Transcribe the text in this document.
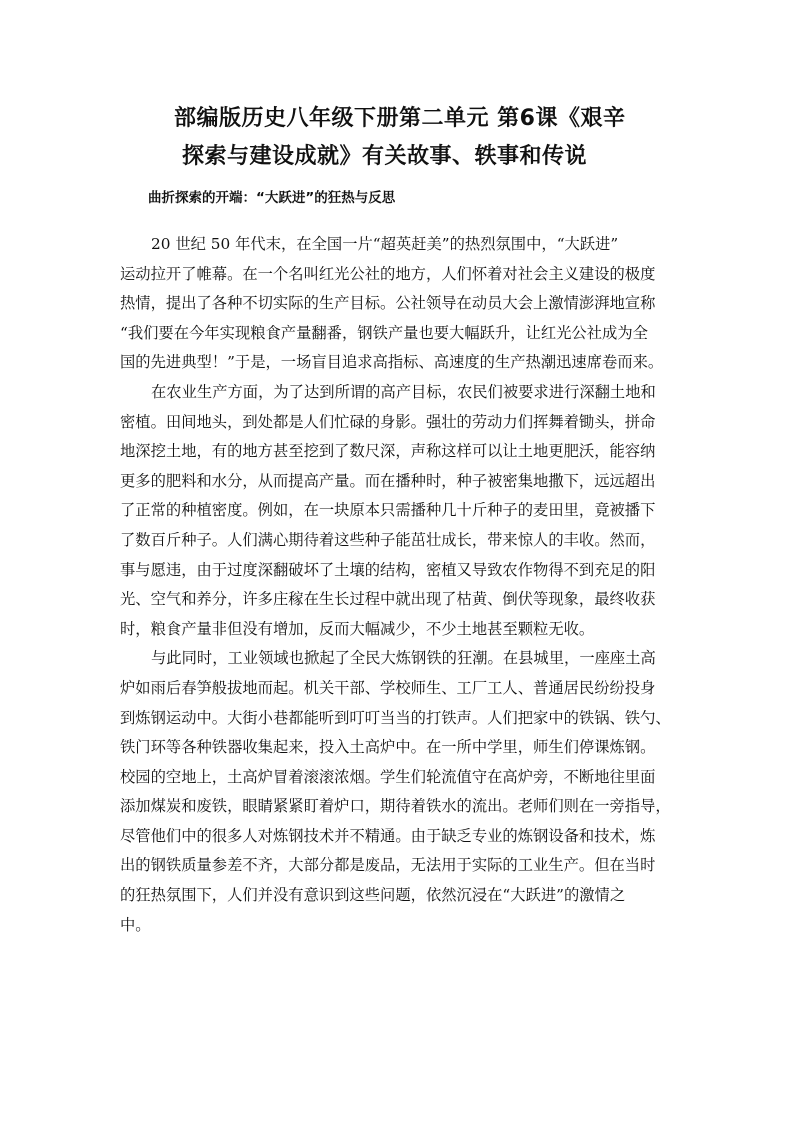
部编版历史八年级下册第二单元 第6课《艰辛
探索与建设成就》有关故事、轶事和传说
曲折探索的开端：“大跃进”的狂热与反思

20 世纪 50 年代末，在全国一片“超英赶美”的热烈氛围中，“大跃进”
运动拉开了帷幕。在一个名叫红光公社的地方，人们怀着对社会主义建设的极度
热情，提出了各种不切实际的生产目标。公社领导在动员大会上激情澎湃地宣称
“我们要在今年实现粮食产量翻番，钢铁产量也要大幅跃升，让红光公社成为全
国的先进典型！”于是，一场盲目追求高指标、高速度的生产热潮迅速席卷而来。

在农业生产方面，为了达到所谓的高产目标，农民们被要求进行深翻土地和
密植。田间地头，到处都是人们忙碌的身影。强壮的劳动力们挥舞着锄头，拼命
地深挖土地，有的地方甚至挖到了数尺深，声称这样可以让土地更肥沃，能容纳
更多的肥料和水分，从而提高产量。而在播种时，种子被密集地撒下，远远超出
了正常的种植密度。例如，在一块原本只需播种几十斤种子的麦田里，竟被播下
了数百斤种子。人们满心期待着这些种子能茁壮成长，带来惊人的丰收。然而，
事与愿违，由于过度深翻破坏了土壤的结构，密植又导致农作物得不到充足的阳
光、空气和养分，许多庄稼在生长过程中就出现了枯黄、倒伏等现象，最终收获
时，粮食产量非但没有增加，反而大幅减少，不少土地甚至颗粒无收。

与此同时，工业领域也掀起了全民大炼钢铁的狂潮。在县城里，一座座土高
炉如雨后春笋般拔地而起。机关干部、学校师生、工厂工人、普通居民纷纷投身
到炼钢运动中。大街小巷都能听到叮叮当当的打铁声。人们把家中的铁锅、铁勺、
铁门环等各种铁器收集起来，投入土高炉中。在一所中学里，师生们停课炼钢。
校园的空地上，土高炉冒着滚滚浓烟。学生们轮流值守在高炉旁，不断地往里面
添加煤炭和废铁，眼睛紧紧盯着炉口，期待着铁水的流出。老师们则在一旁指导，
尽管他们中的很多人对炼钢技术并不精通。由于缺乏专业的炼钢设备和技术，炼
出的钢铁质量参差不齐，大部分都是废品，无法用于实际的工业生产。但在当时
的狂热氛围下，人们并没有意识到这些问题，依然沉浸在“大跃进”的激情之
中。
